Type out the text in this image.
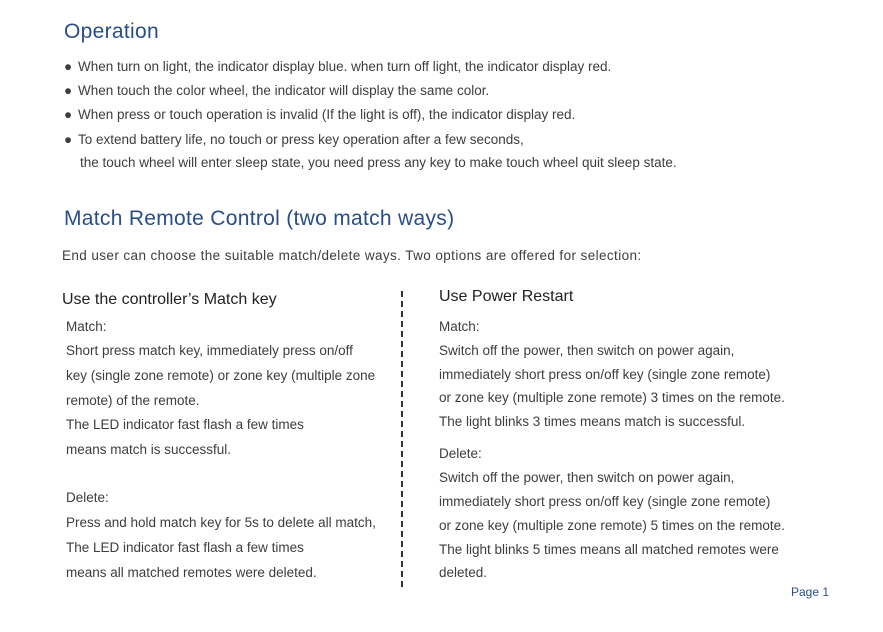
Operation
● When turn on light, the indicator display blue. when turn off light, the indicator display red.
● When touch the color wheel, the indicator will display the same color.
● When press or touch operation is invalid (If the light is off), the indicator display red.
● To extend battery life, no touch or press key operation after a few seconds,
the touch wheel will enter sleep state, you need press any key to make touch wheel quit sleep state.
Match Remote Control (two match ways)
End user can choose the suitable match/delete ways. Two options are offered for selection:
Use the controller’s Match key
Match:
Short press match key, immediately press on/off
key (single zone remote) or zone key (multiple zone
remote) of the remote.
The LED indicator fast flash a few times
means match is successful.
Delete:
Press and hold match key for 5s to delete all match,
The LED indicator fast flash a few times
means all matched remotes were deleted.
Use Power Restart
Match:
Switch off the power, then switch on power again,
immediately short press on/off key (single zone remote)
or zone key (multiple zone remote) 3 times on the remote.
The light blinks 3 times means match is successful.
Delete:
Switch off the power, then switch on power again,
immediately short press on/off key (single zone remote)
or zone key (multiple zone remote) 5 times on the remote.
The light blinks 5 times means all matched remotes were
deleted.
Page 1
